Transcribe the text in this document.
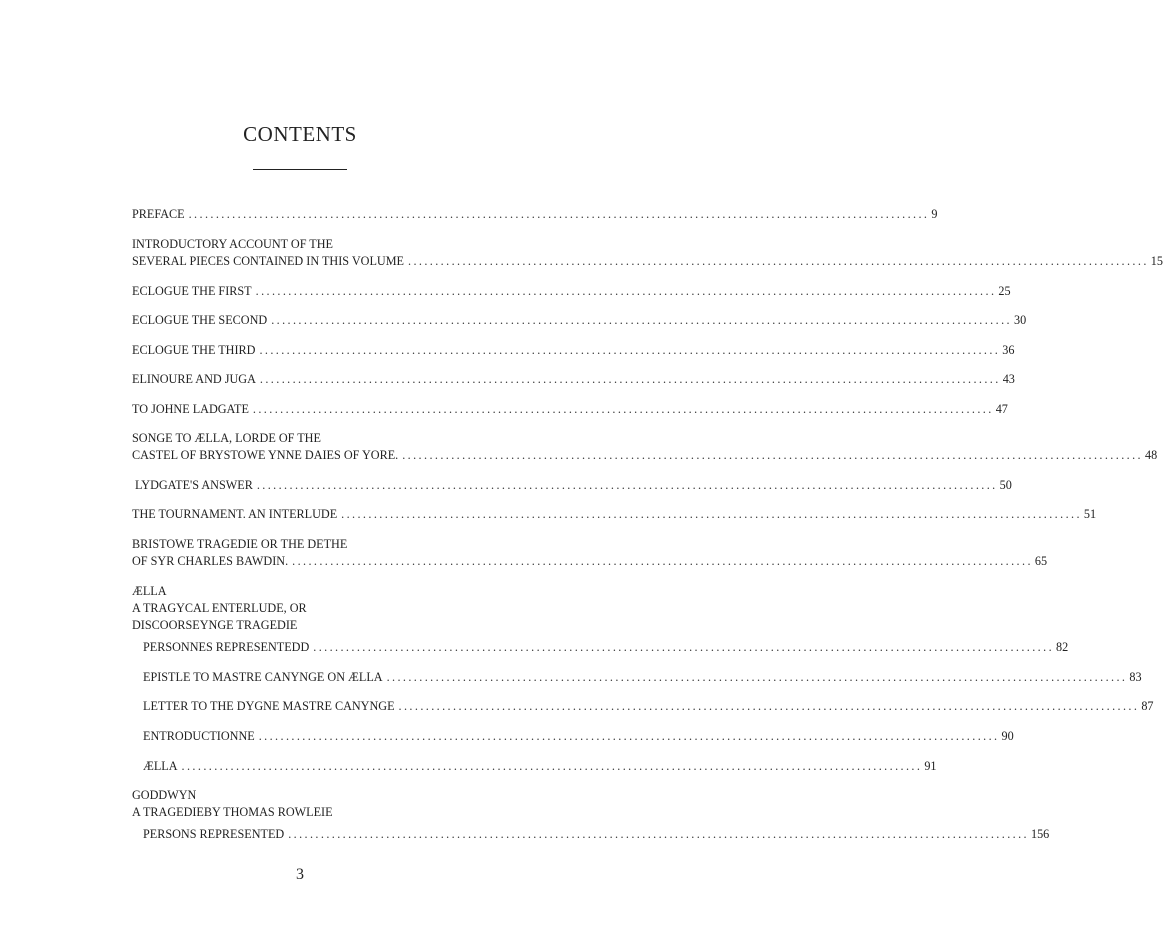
CONTENTS
PREFACE ........................................................................................................................................ 9
INTRODUCTORY ACCOUNT OF THE
SEVERAL PIECES CONTAINED IN THIS VOLUME ........................................................................................................................................ 15
ECLOGUE THE FIRST ........................................................................................................................................ 25
ECLOGUE THE SECOND ........................................................................................................................................ 30
ECLOGUE THE THIRD ........................................................................................................................................ 36
ELINOURE AND JUGA ........................................................................................................................................ 43
TO JOHNE LADGATE ........................................................................................................................................ 47
SONGE TO ÆLLA, LORDE OF THE
CASTEL OF BRYSTOWE YNNE DAIES OF YORE. ........................................................................................................................................ 48
LYDGATE'S ANSWER ........................................................................................................................................ 50
THE TOURNAMENT. AN INTERLUDE ........................................................................................................................................ 51
BRISTOWE TRAGEDIE OR THE DETHE
OF SYR CHARLES BAWDIN. ........................................................................................................................................ 65
ÆLLA
A TRAGYCAL ENTERLUDE, OR
DISCOORSEYNGE TRAGEDIE
PERSONNES REPRESENTEDD ........................................................................................................................................ 82
EPISTLE TO MASTRE CANYNGE ON ÆLLA ........................................................................................................................................ 83
LETTER TO THE DYGNE MASTRE CANYNGE ........................................................................................................................................ 87
ENTRODUCTIONNE ........................................................................................................................................ 90
ÆLLA ........................................................................................................................................ 91
GODDWYN
A TRAGEDIEBY THOMAS ROWLEIE
PERSONS REPRESENTED ........................................................................................................................................ 156
3
